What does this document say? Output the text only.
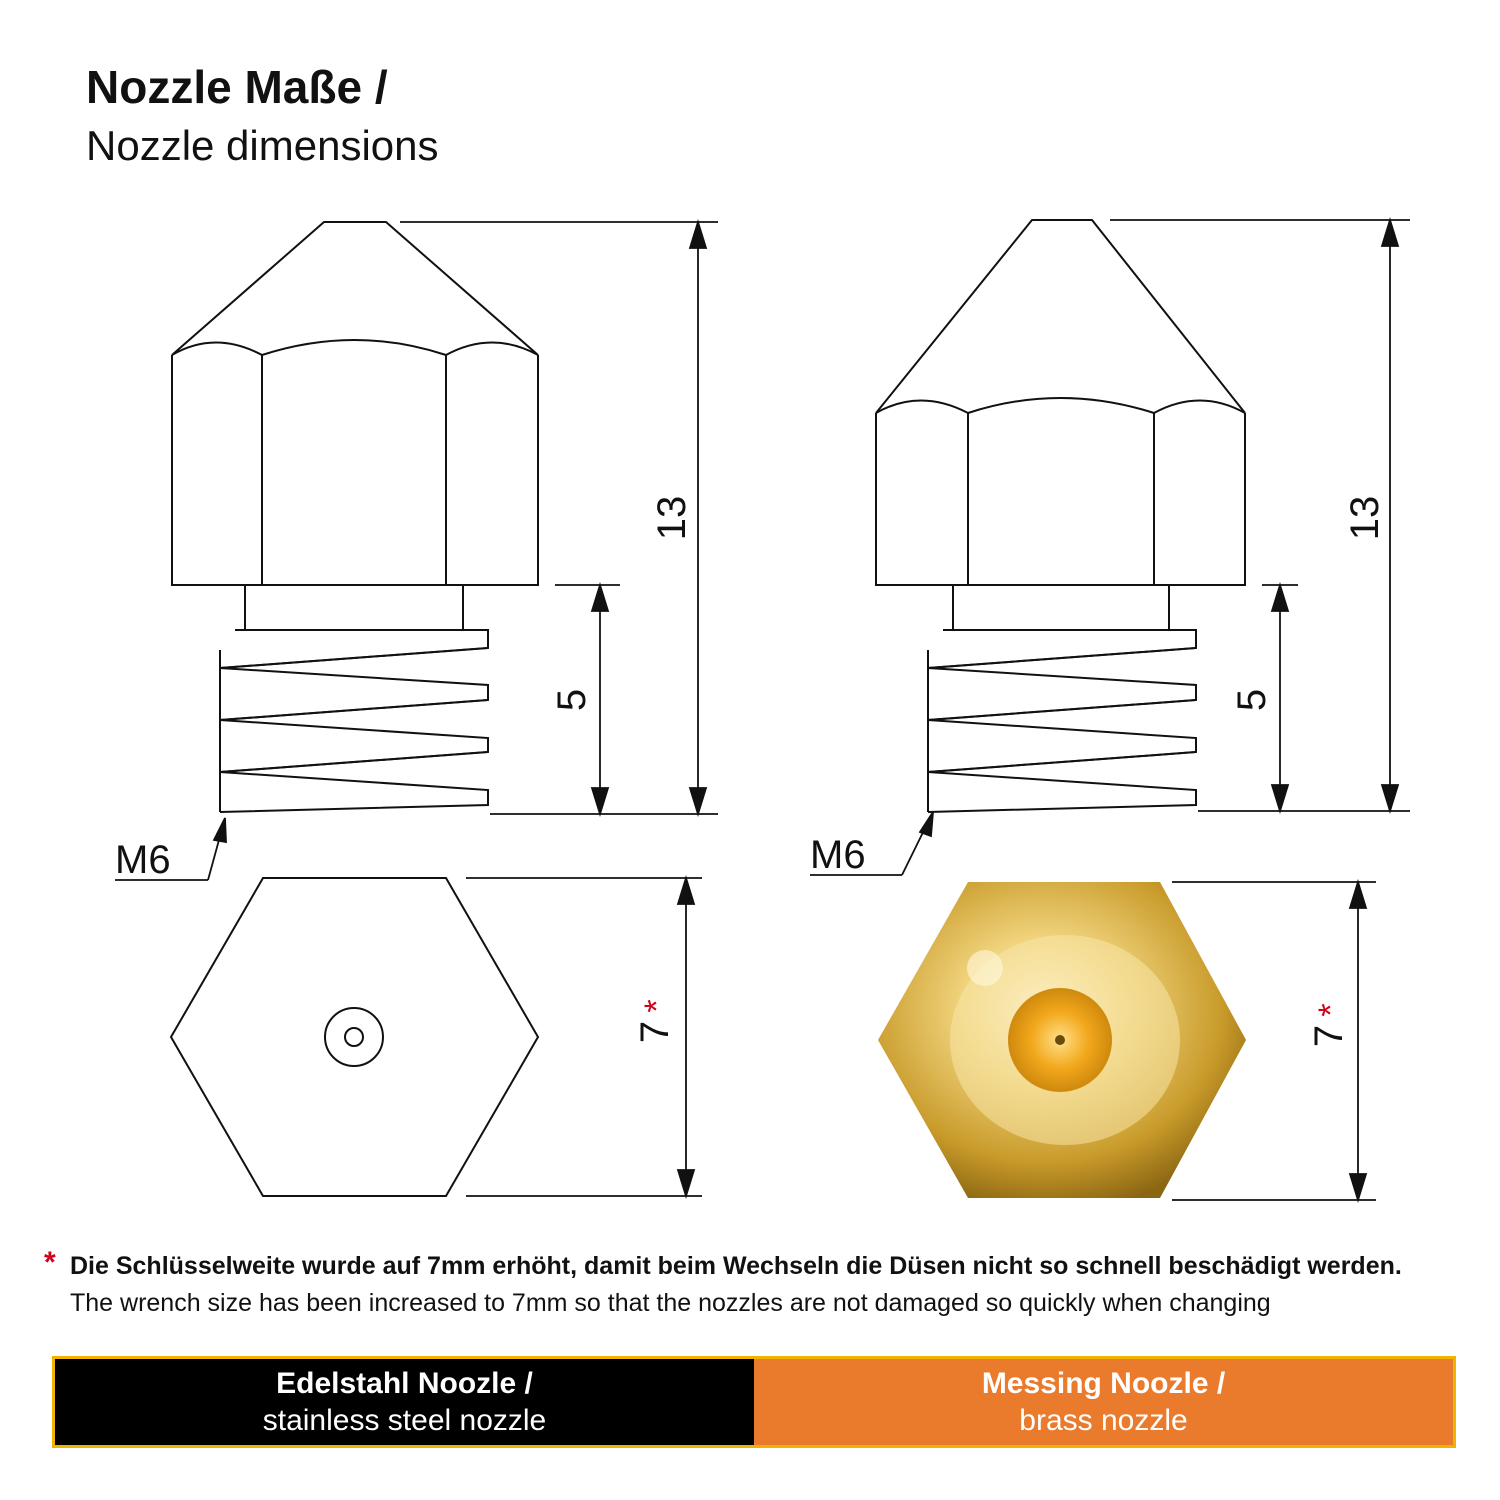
Nozzle Maße /
Nozzle dimensions
13
5
M6
7
*
13
5
M6
7
*
* Die Schlüsselweite wurde auf 7mm erhöht, damit beim Wechseln die Düsen nicht so schnell beschädigt werden.
The wrench size has been increased to 7mm so that the nozzles are not damaged so quickly when changing
Edelstahl Noozle /
stainless steel nozzle
Messing Noozle /
brass nozzle
